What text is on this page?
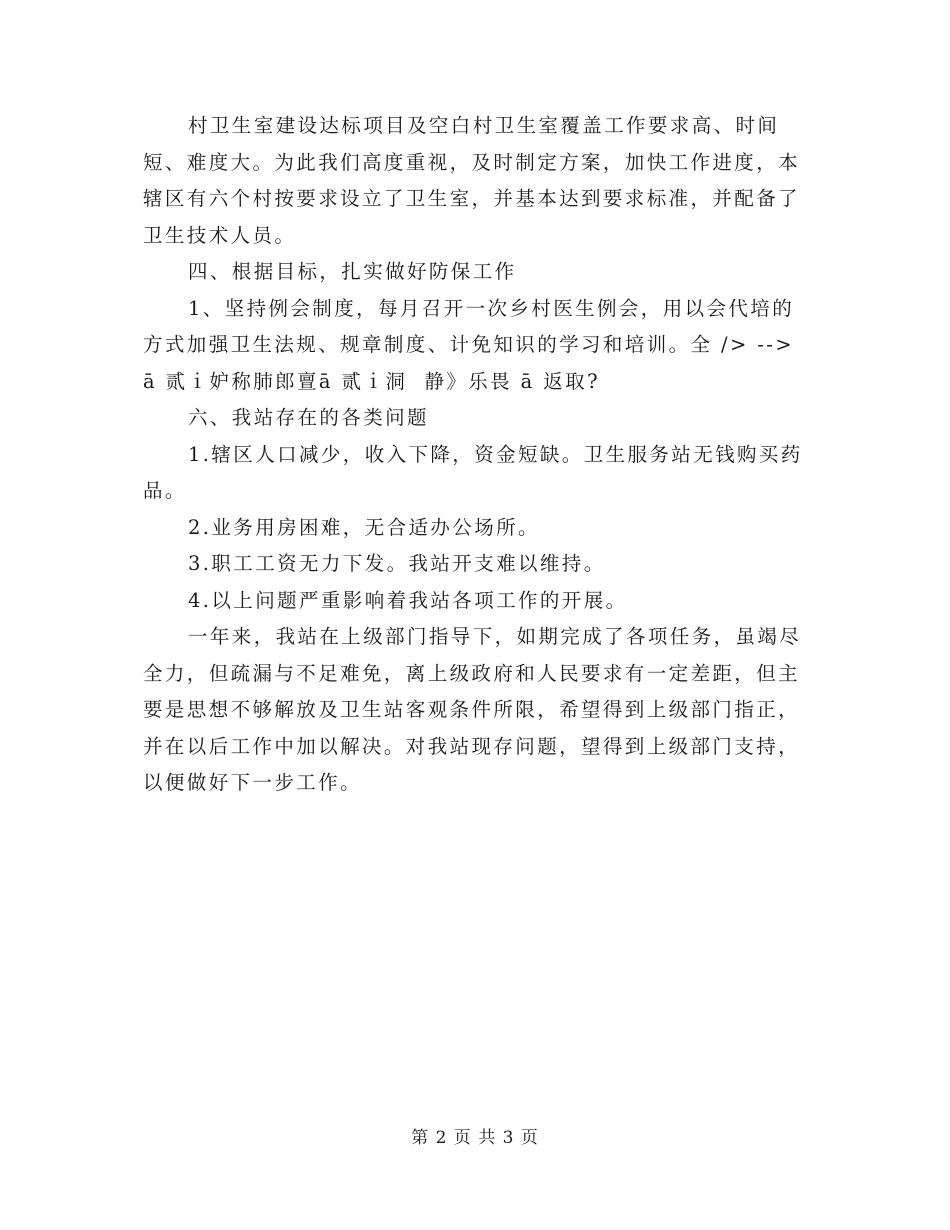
村卫生室建设达标项目及空白村卫生室覆盖工作要求高、时间短、难度大。为此我们高度重视，及时制定方案，加快工作进度，本辖区有六个村按要求设立了卫生室，并基本达到要求标准，并配备了卫生技术人员。

四、根据目标，扎实做好防保工作

1、坚持例会制度，每月召开一次乡村医生例会，用以会代培的方式加强卫生法规、规章制度、计免知识的学习和培训。全 /> --> ā 贰ｉ妒称肺郎亶ā 贰ｉ洞  静》乐畏 ā 返取?

六、我站存在的各类问题

1.辖区人口减少，收入下降，资金短缺。卫生服务站无钱购买药品。

2.业务用房困难，无合适办公场所。

3.职工工资无力下发。我站开支难以维持。

4.以上问题严重影响着我站各项工作的开展。

一年来，我站在上级部门指导下，如期完成了各项任务，虽竭尽全力，但疏漏与不足难免，离上级政府和人民要求有一定差距，但主要是思想不够解放及卫生站客观条件所限，希望得到上级部门指正，并在以后工作中加以解决。对我站现存问题，望得到上级部门支持，以便做好下一步工作。

第 2 页 共 3 页
